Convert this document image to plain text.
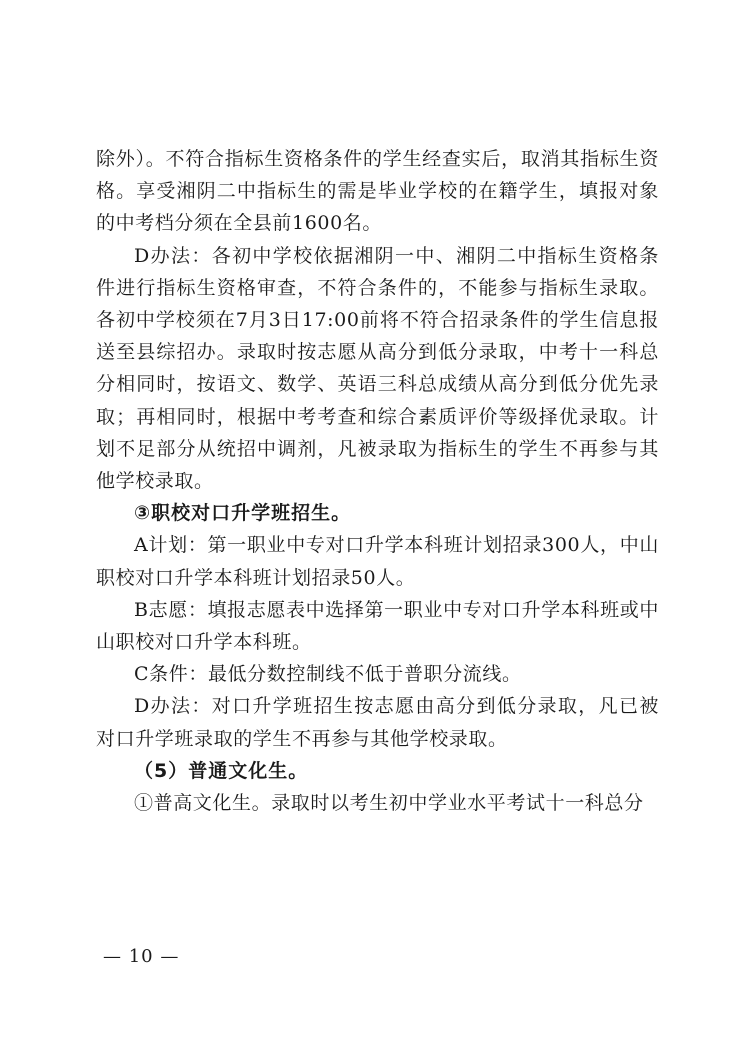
除外）。不符合指标生资格条件的学生经查实后，取消其指标生资格。享受湘阴二中指标生的需是毕业学校的在籍学生，填报对象的中考档分须在全县前1600名。

D办法：各初中学校依据湘阴一中、湘阴二中指标生资格条件进行指标生资格审查，不符合条件的，不能参与指标生录取。各初中学校须在7月3日17:00前将不符合招录条件的学生信息报送至县综招办。录取时按志愿从高分到低分录取，中考十一科总分相同时，按语文、数学、英语三科总成绩从高分到低分优先录取；再相同时，根据中考考查和综合素质评价等级择优录取。计划不足部分从统招中调剂，凡被录取为指标生的学生不再参与其他学校录取。

③职校对口升学班招生。

A计划：第一职业中专对口升学本科班计划招录300人，中山职校对口升学本科班计划招录50人。

B志愿：填报志愿表中选择第一职业中专对口升学本科班或中山职校对口升学本科班。

C条件：最低分数控制线不低于普职分流线。

D办法：对口升学班招生按志愿由高分到低分录取，凡已被对口升学班录取的学生不再参与其他学校录取。

（5）普通文化生。

①普高文化生。录取时以考生初中学业水平考试十一科总分

— 10 —
